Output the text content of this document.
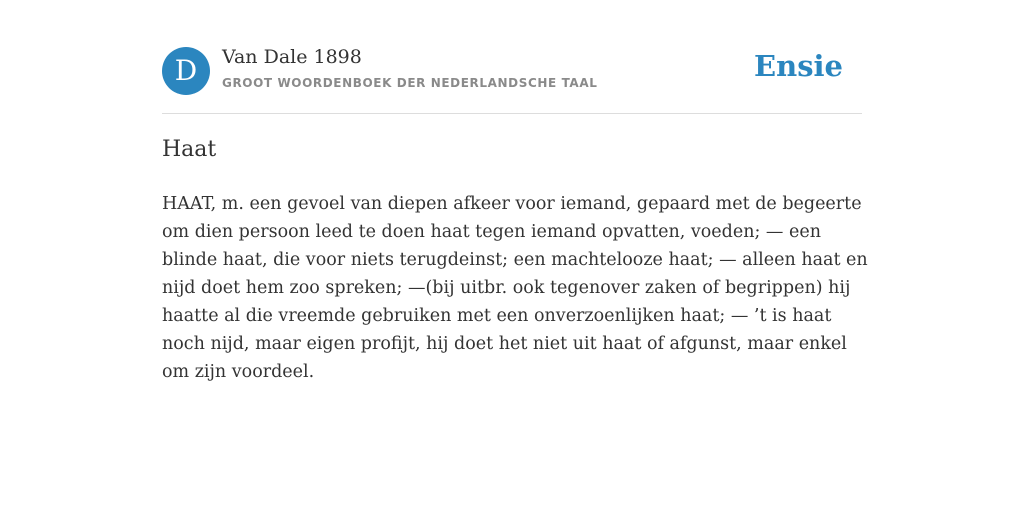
D	Van Dale 1898
GROOT WOORDENBOEK DER NEDERLANDSCHE TAAL	Ensie
Haat

HAAT, m. een gevoel van diepen afkeer voor iemand, gepaard met de begeerte om dien persoon leed te doen haat tegen iemand opvatten, voeden; — een blinde haat, die voor niets terugdeinst; een machtelooze haat; — alleen haat en nijd doet hem zoo spreken; —(bij uitbr. ook tegenover zaken of begrippen) hij haatte al die vreemde gebruiken met een onverzoenlijken haat; — ’t is haat noch nijd, maar eigen profijt, hij doet het niet uit haat of afgunst, maar enkel om zijn voordeel.
